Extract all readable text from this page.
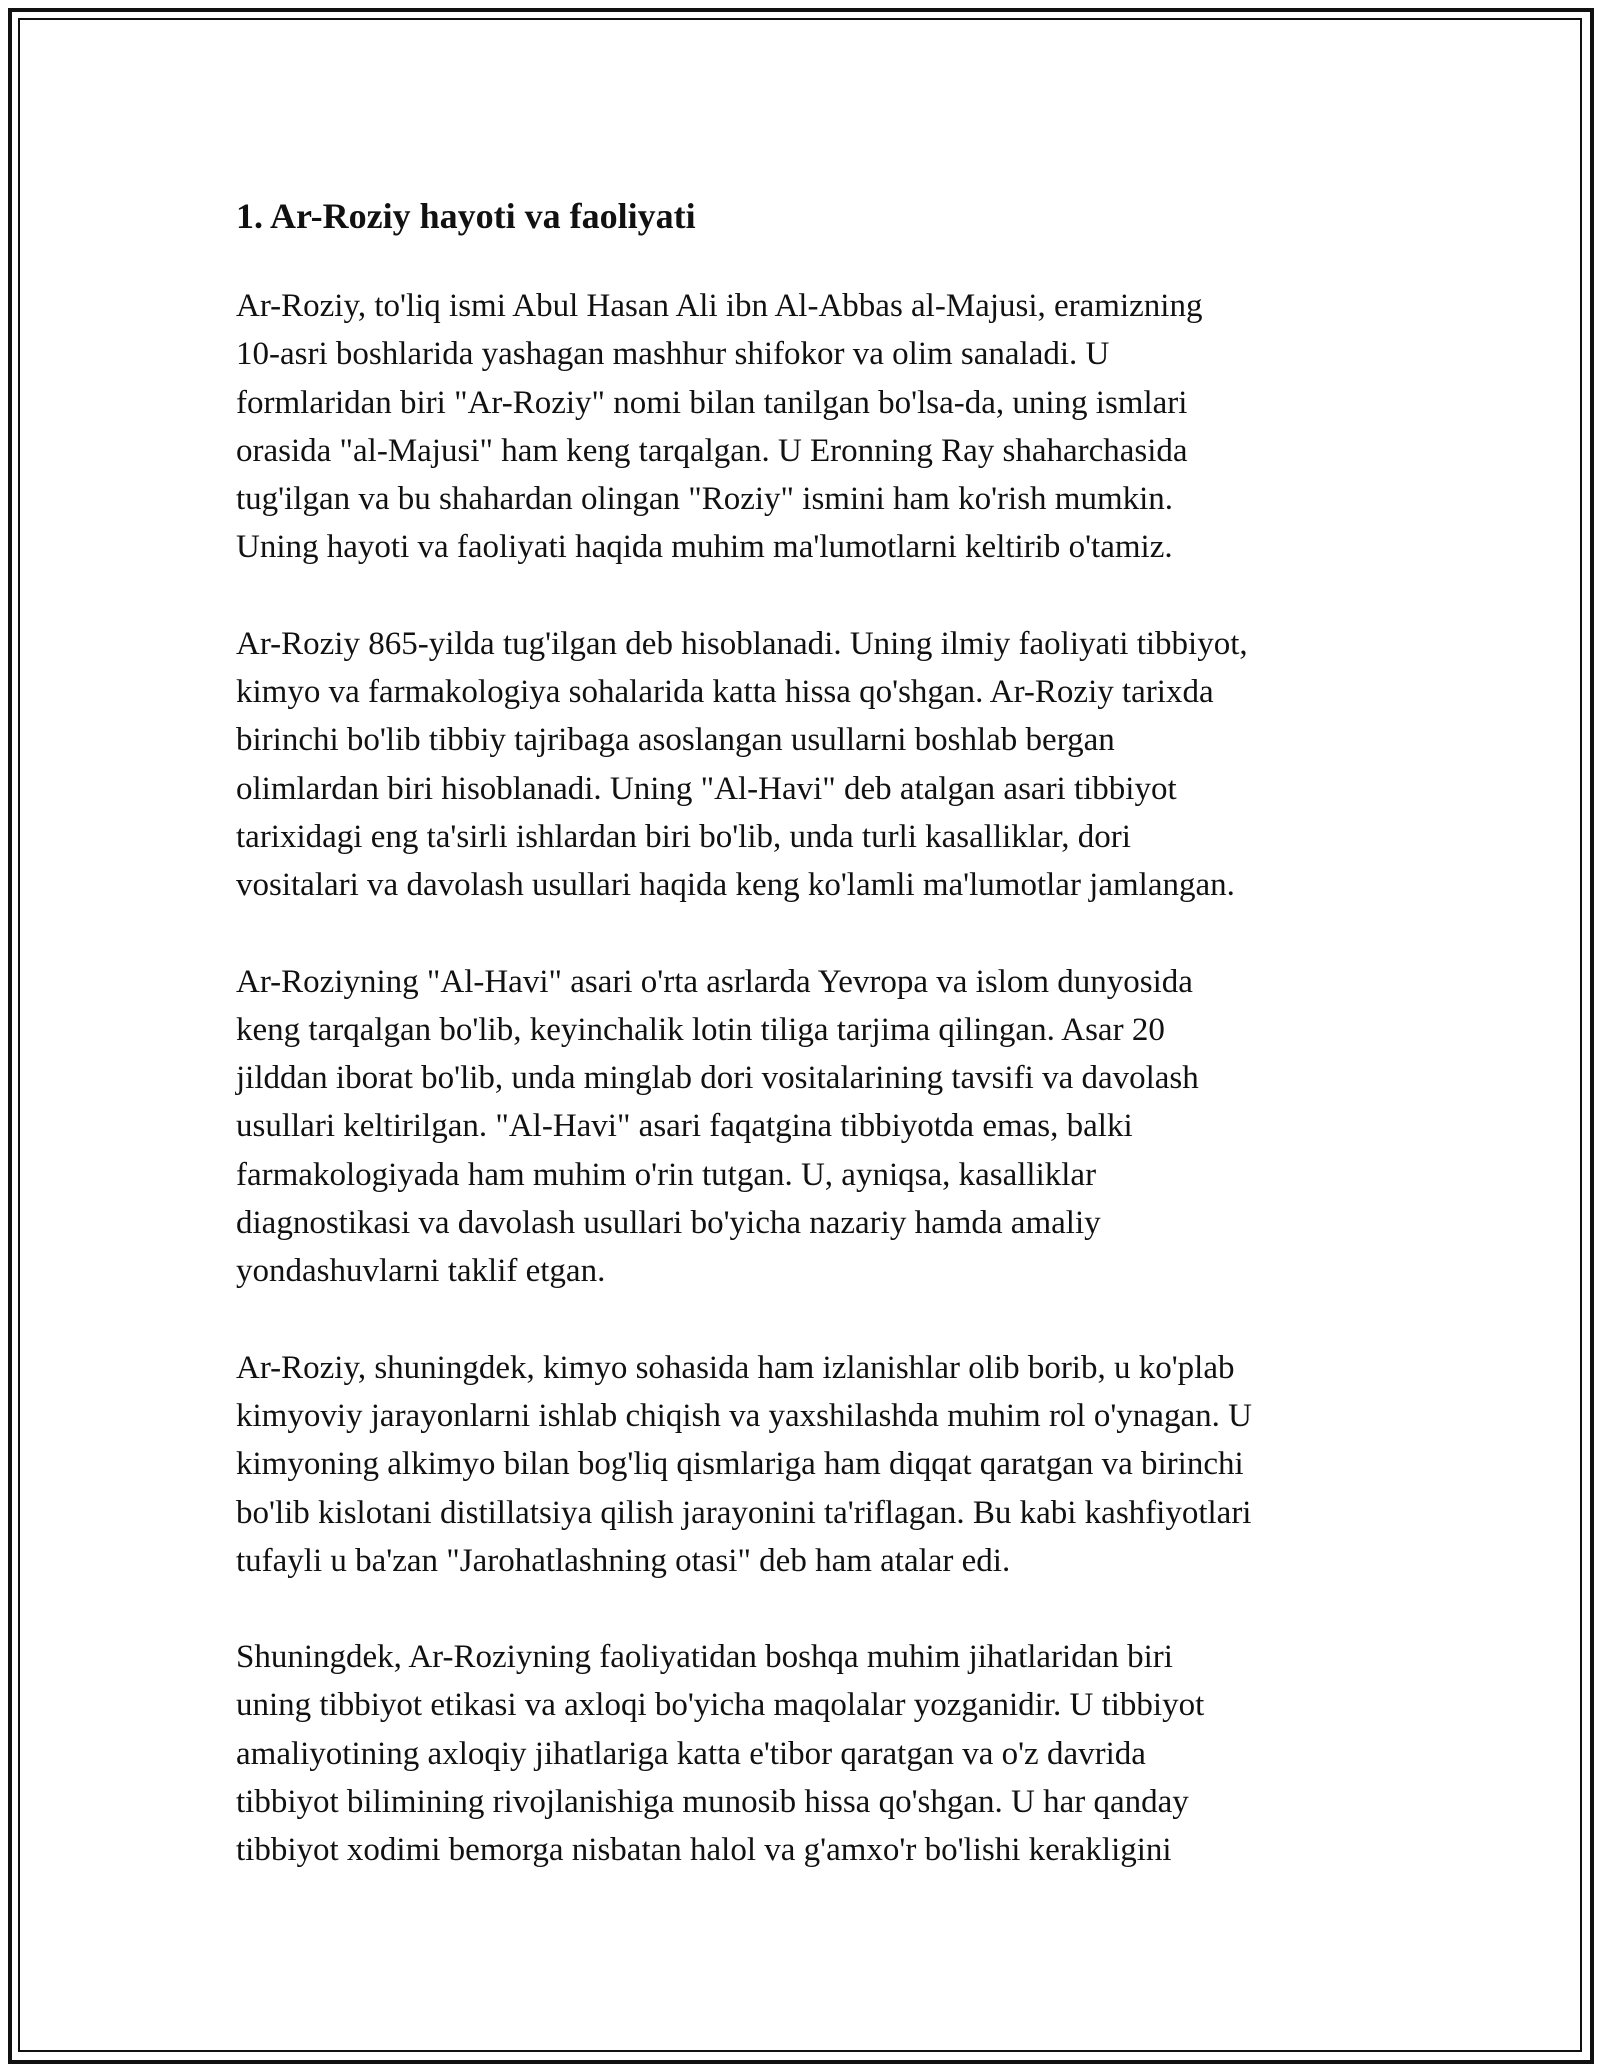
1. Ar-Roziy hayoti va faoliyati

Ar-Roziy, to'liq ismi Abul Hasan Ali ibn Al-Abbas al-Majusi, eramizning
10-asri boshlarida yashagan mashhur shifokor va olim sanaladi. U
formlaridan biri "Ar-Roziy" nomi bilan tanilgan bo'lsa-da, uning ismlari
orasida "al-Majusi" ham keng tarqalgan. U Eronning Ray shaharchasida
tug'ilgan va bu shahardan olingan "Roziy" ismini ham ko'rish mumkin.
Uning hayoti va faoliyati haqida muhim ma'lumotlarni keltirib o'tamiz.

Ar-Roziy 865-yilda tug'ilgan deb hisoblanadi. Uning ilmiy faoliyati tibbiyot,
kimyo va farmakologiya sohalarida katta hissa qo'shgan. Ar-Roziy tarixda
birinchi bo'lib tibbiy tajribaga asoslangan usullarni boshlab bergan
olimlardan biri hisoblanadi. Uning "Al-Havi" deb atalgan asari tibbiyot
tarixidagi eng ta'sirli ishlardan biri bo'lib, unda turli kasalliklar, dori
vositalari va davolash usullari haqida keng ko'lamli ma'lumotlar jamlangan.

Ar-Roziyning "Al-Havi" asari o'rta asrlarda Yevropa va islom dunyosida
keng tarqalgan bo'lib, keyinchalik lotin tiliga tarjima qilingan. Asar 20
jilddan iborat bo'lib, unda minglab dori vositalarining tavsifi va davolash
usullari keltirilgan. "Al-Havi" asari faqatgina tibbiyotda emas, balki
farmakologiyada ham muhim o'rin tutgan. U, ayniqsa, kasalliklar
diagnostikasi va davolash usullari bo'yicha nazariy hamda amaliy
yondashuvlarni taklif etgan.

Ar-Roziy, shuningdek, kimyo sohasida ham izlanishlar olib borib, u ko'plab
kimyoviy jarayonlarni ishlab chiqish va yaxshilashda muhim rol o'ynagan. U
kimyoning alkimyo bilan bog'liq qismlariga ham diqqat qaratgan va birinchi
bo'lib kislotani distillatsiya qilish jarayonini ta'riflagan. Bu kabi kashfiyotlari
tufayli u ba'zan "Jarohatlashning otasi" deb ham atalar edi.

Shuningdek, Ar-Roziyning faoliyatidan boshqa muhim jihatlaridan biri
uning tibbiyot etikasi va axloqi bo'yicha maqolalar yozganidir. U tibbiyot
amaliyotining axloqiy jihatlariga katta e'tibor qaratgan va o'z davrida
tibbiyot bilimining rivojlanishiga munosib hissa qo'shgan. U har qanday
tibbiyot xodimi bemorga nisbatan halol va g'amxo'r bo'lishi kerakligini
